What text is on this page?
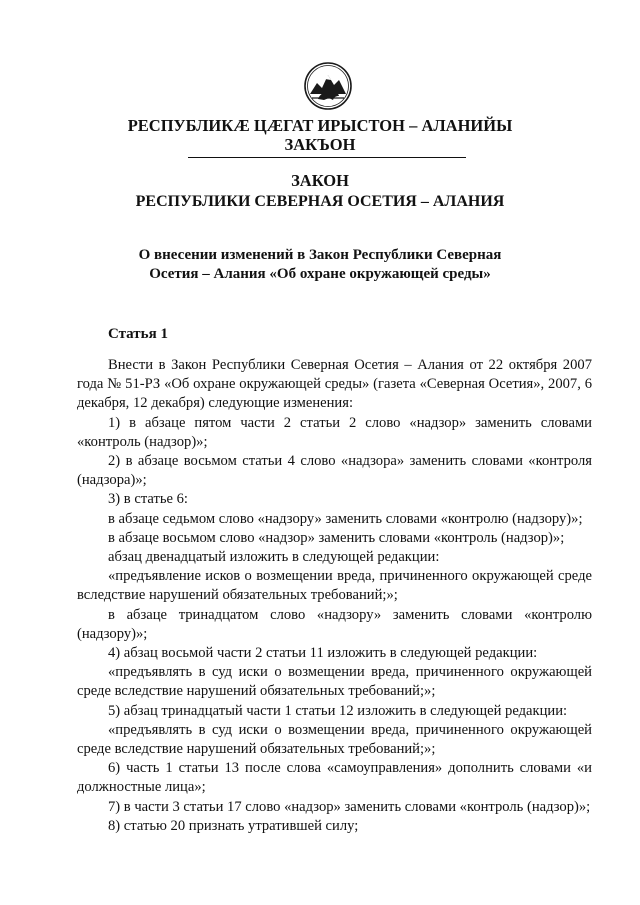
РЕСПУБЛИКӔ ЦӔГАТ ИРЫСТОН – АЛАНИЙЫ
ЗАКЪОН
ЗАКОН
РЕСПУБЛИКИ СЕВЕРНАЯ ОСЕТИЯ – АЛАНИЯ
О внесении изменений в Закон Республики Северная
Осетия – Алания «Об охране окружающей среды»
Статья 1

Внести в Закон Республики Северная Осетия – Алания от 22 октября 2007 года № 51-РЗ «Об охране окружающей среды» (газета «Северная Осетия», 2007, 6 декабря, 12 декабря) следующие изменения:

1) в абзаце пятом части 2 статьи 2 слово «надзор» заменить словами «контроль (надзор)»;

2) в абзаце восьмом статьи 4 слово «надзора» заменить словами «контроля (надзора)»;

3) в статье 6:

в абзаце седьмом слово «надзору» заменить словами «контролю (надзору)»;

в абзаце восьмом слово «надзор» заменить словами «контроль (надзор)»;

абзац двенадцатый изложить в следующей редакции:

«предъявление исков о возмещении вреда, причиненного окружающей среде вследствие нарушений обязательных требований;»;

в абзаце тринадцатом слово «надзору» заменить словами «контролю (надзору)»;

4) абзац восьмой части 2 статьи 11 изложить в следующей редакции:

«предъявлять в суд иски о возмещении вреда, причиненного окружающей среде вследствие нарушений обязательных требований;»;

5) абзац тринадцатый части 1 статьи 12 изложить в следующей редакции:

«предъявлять в суд иски о возмещении вреда, причиненного окружающей среде вследствие нарушений обязательных требований;»;

6) часть 1 статьи 13 после слова «самоуправления» дополнить словами «и должностные лица»;

7) в части 3 статьи 17 слово «надзор» заменить словами «контроль (надзор)»;

8) статью 20 признать утратившей силу;
